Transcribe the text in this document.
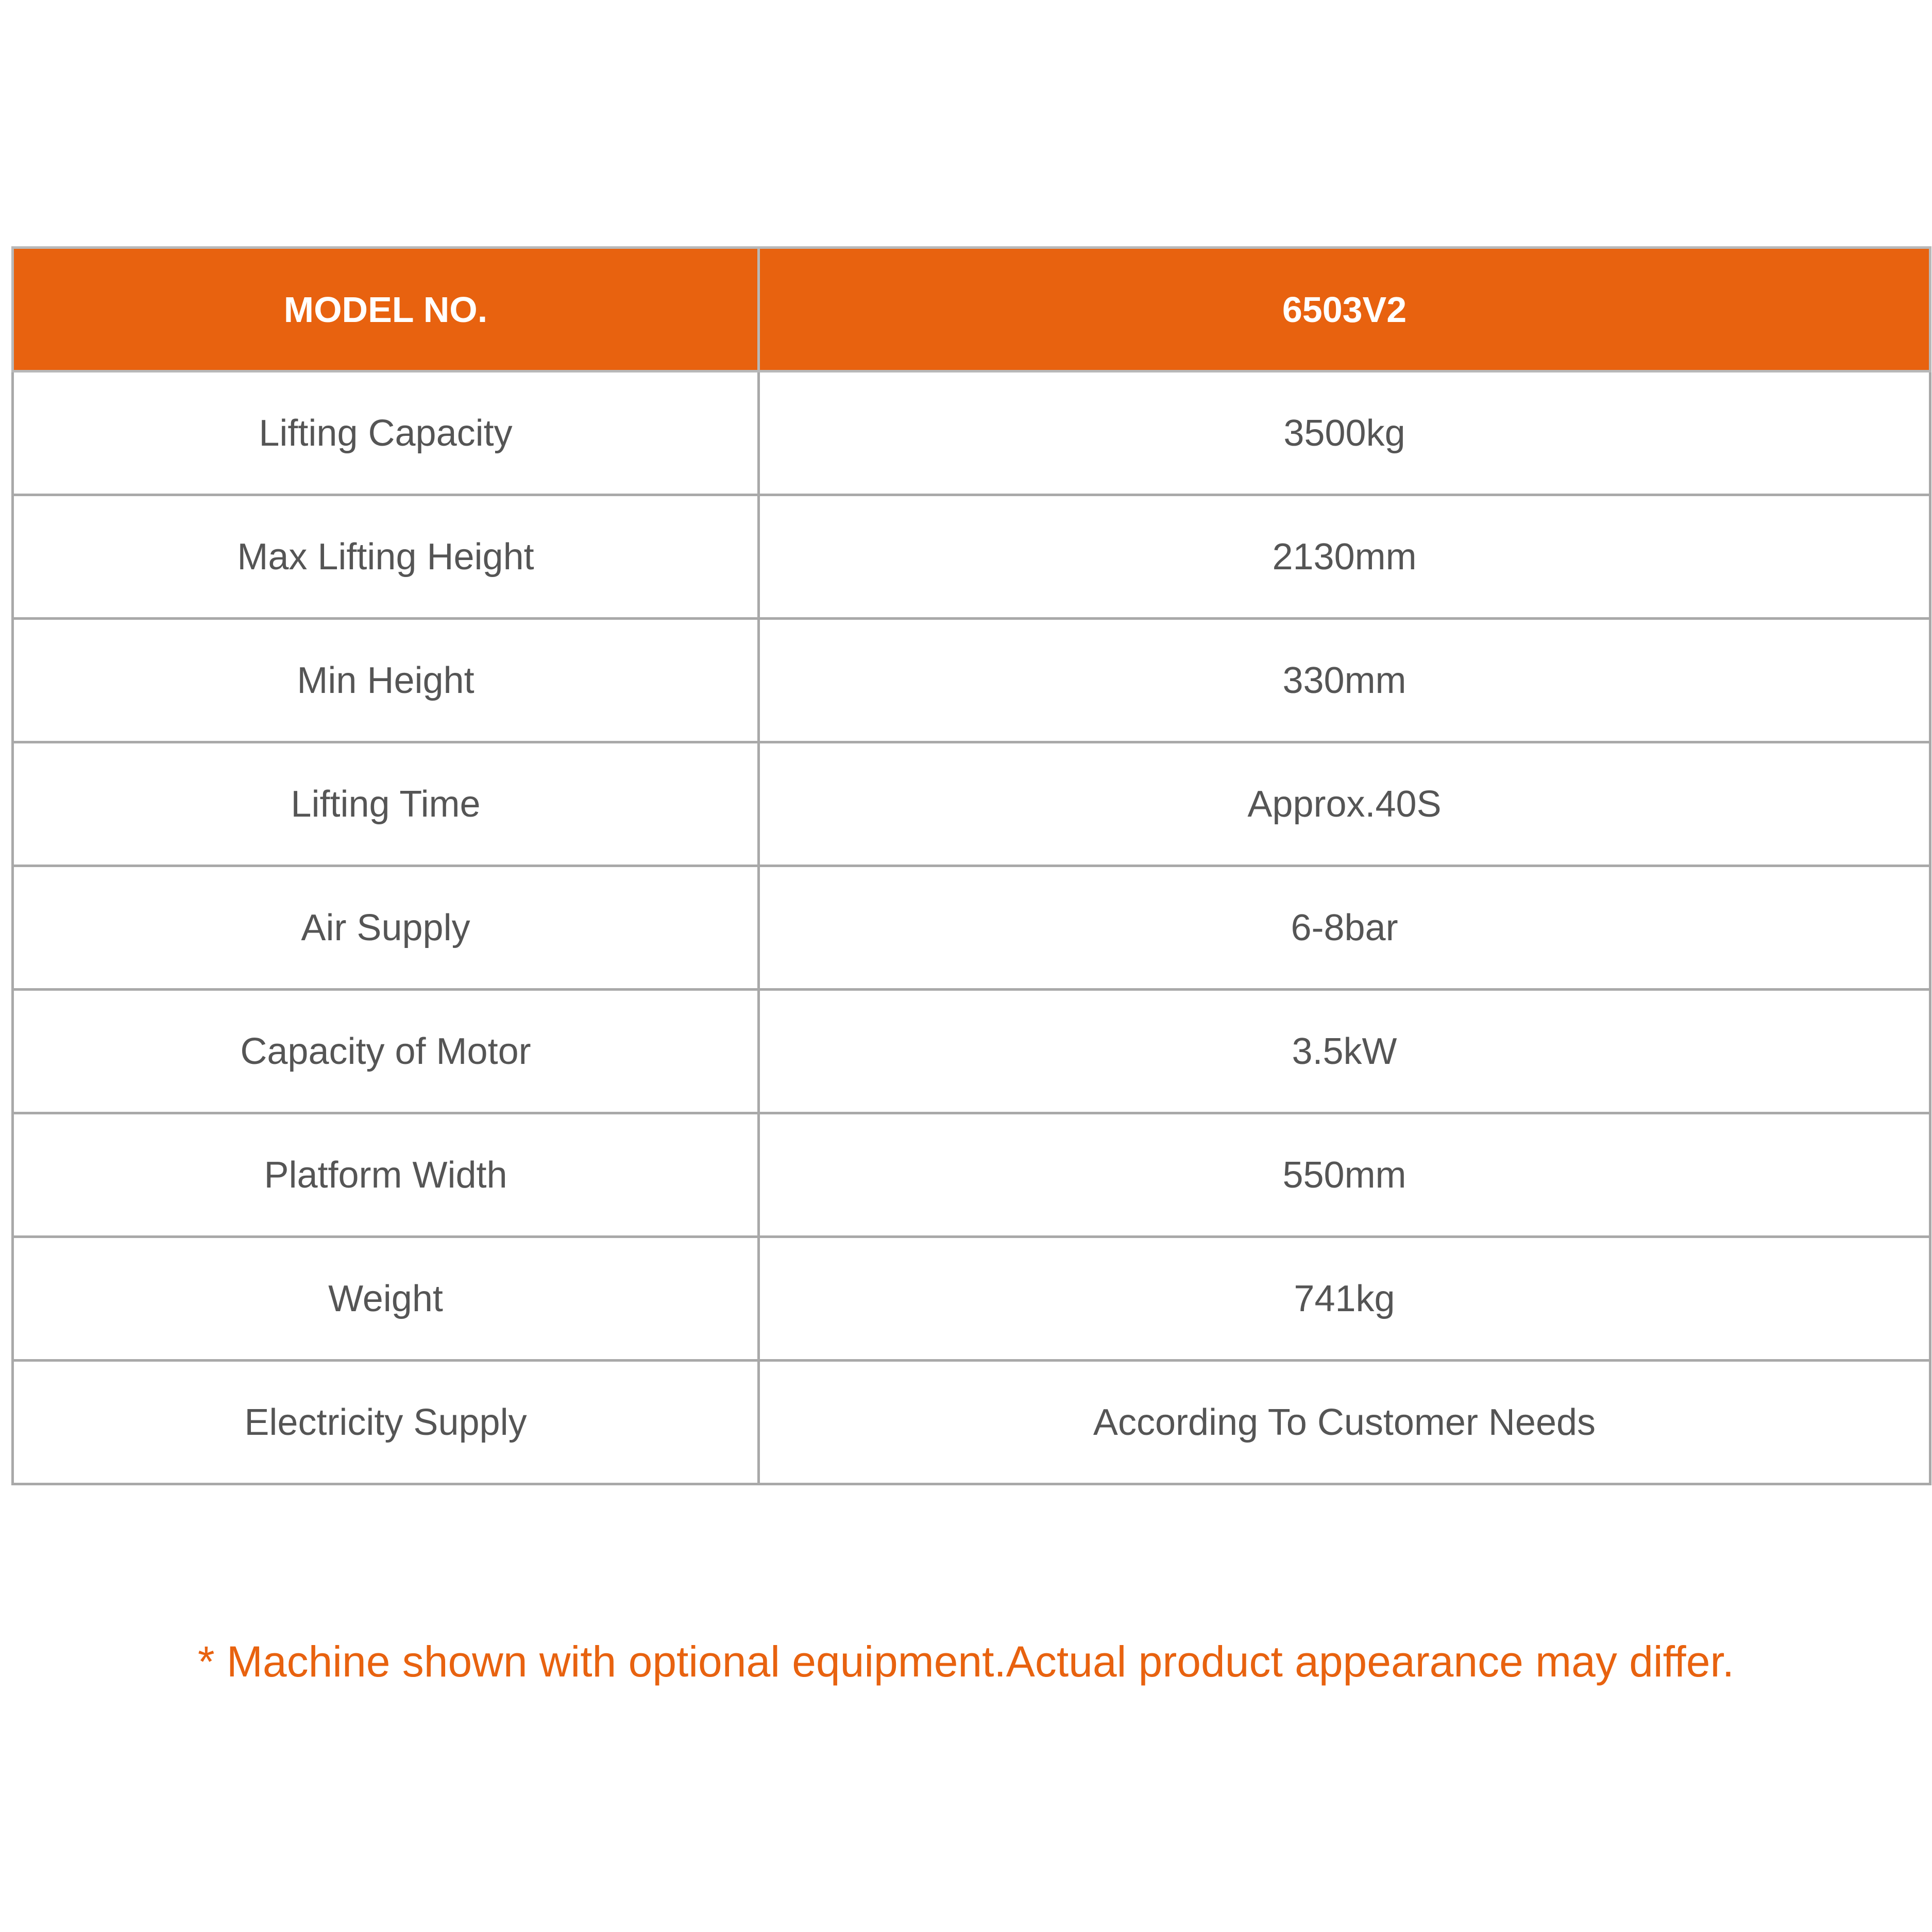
MODEL NO.	6503V2
Lifting Capacity	3500kg
Max Lifting Height	2130mm
Min Height	330mm
Lifting Time	Approx.40S
Air Supply	6-8bar
Capacity of Motor	3.5kW
Platform Width	550mm
Weight	741kg
Electricity Supply	According To Customer Needs

* Machine shown with optional equipment.Actual product appearance may differ.
